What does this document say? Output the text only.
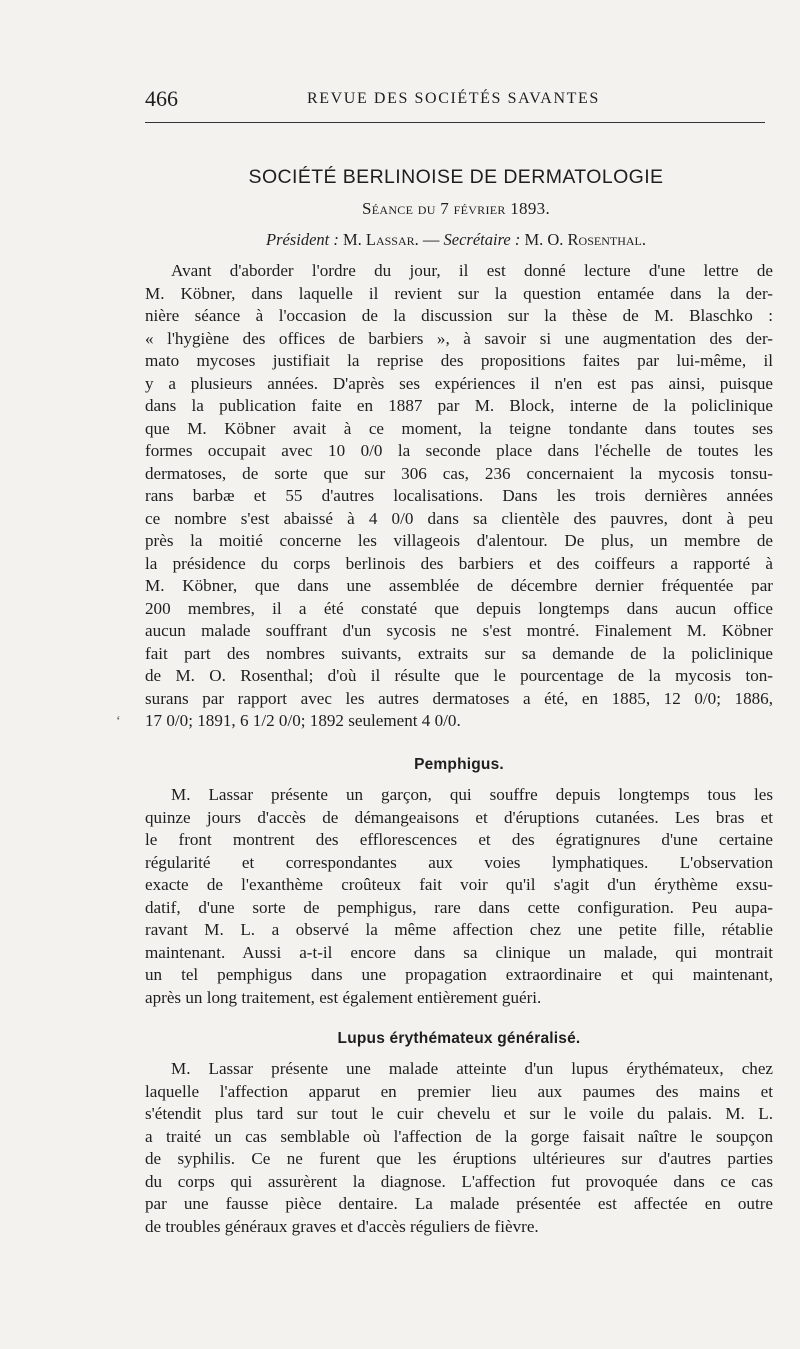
466	REVUE DES SOCIÉTÉS SAVANTES
SOCIÉTÉ BERLINOISE DE DERMATOLOGIE
Séance du 7 février 1893.
Président : M. Lassar. — Secrétaire : M. O. Rosenthal.
Avant d'aborder l'ordre du jour, il est donné lecture d'une lettre de
M. Köbner, dans laquelle il revient sur la question entamée dans la der-
nière séance à l'occasion de la discussion sur la thèse de M. Blaschko :
« l'hygiène des offices de barbiers », à savoir si une augmentation des der-
mato mycoses justifiait la reprise des propositions faites par lui-même, il
y a plusieurs années. D'après ses expériences il n'en est pas ainsi, puisque
dans la publication faite en 1887 par M. Block, interne de la policlinique
que M. Köbner avait à ce moment, la teigne tondante dans toutes ses
formes occupait avec 10 0/0 la seconde place dans l'échelle de toutes les
dermatoses, de sorte que sur 306 cas, 236 concernaient la mycosis tonsu-
rans barbæ et 55 d'autres localisations. Dans les trois dernières années
ce nombre s'est abaissé à 4 0/0 dans sa clientèle des pauvres, dont à peu
près la moitié concerne les villageois d'alentour. De plus, un membre de
la présidence du corps berlinois des barbiers et des coiffeurs a rapporté à
M. Köbner, que dans une assemblée de décembre dernier fréquentée par
200 membres, il a été constaté que depuis longtemps dans aucun office
aucun malade souffrant d'un sycosis ne s'est montré. Finalement M. Köbner
fait part des nombres suivants, extraits sur sa demande de la policlinique
de M. O. Rosenthal; d'où il résulte que le pourcentage de la mycosis ton-
surans par rapport avec les autres dermatoses a été, en 1885, 12 0/0; 1886,
17 0/0; 1891, 6 1/2 0/0; 1892 seulement 4 0/0.
‘
Pemphigus.
M. Lassar présente un garçon, qui souffre depuis longtemps tous les
quinze jours d'accès de démangeaisons et d'éruptions cutanées. Les bras et
le front montrent des efflorescences et des égratignures d'une certaine
régularité et correspondantes aux voies lymphatiques. L'observation
exacte de l'exanthème croûteux fait voir qu'il s'agit d'un érythème exsu-
datif, d'une sorte de pemphigus, rare dans cette configuration. Peu aupa-
ravant M. L. a observé la même affection chez une petite fille, rétablie
maintenant. Aussi a-t-il encore dans sa clinique un malade, qui montrait
un tel pemphigus dans une propagation extraordinaire et qui maintenant,
après un long traitement, est également entièrement guéri.
Lupus érythémateux généralisé.
M. Lassar présente une malade atteinte d'un lupus érythémateux, chez
laquelle l'affection apparut en premier lieu aux paumes des mains et
s'étendit plus tard sur tout le cuir chevelu et sur le voile du palais. M. L.
a traité un cas semblable où l'affection de la gorge faisait naître le soupçon
de syphilis. Ce ne furent que les éruptions ultérieures sur d'autres parties
du corps qui assurèrent la diagnose. L'affection fut provoquée dans ce cas
par une fausse pièce dentaire. La malade présentée est affectée en outre
de troubles généraux graves et d'accès réguliers de fièvre.
